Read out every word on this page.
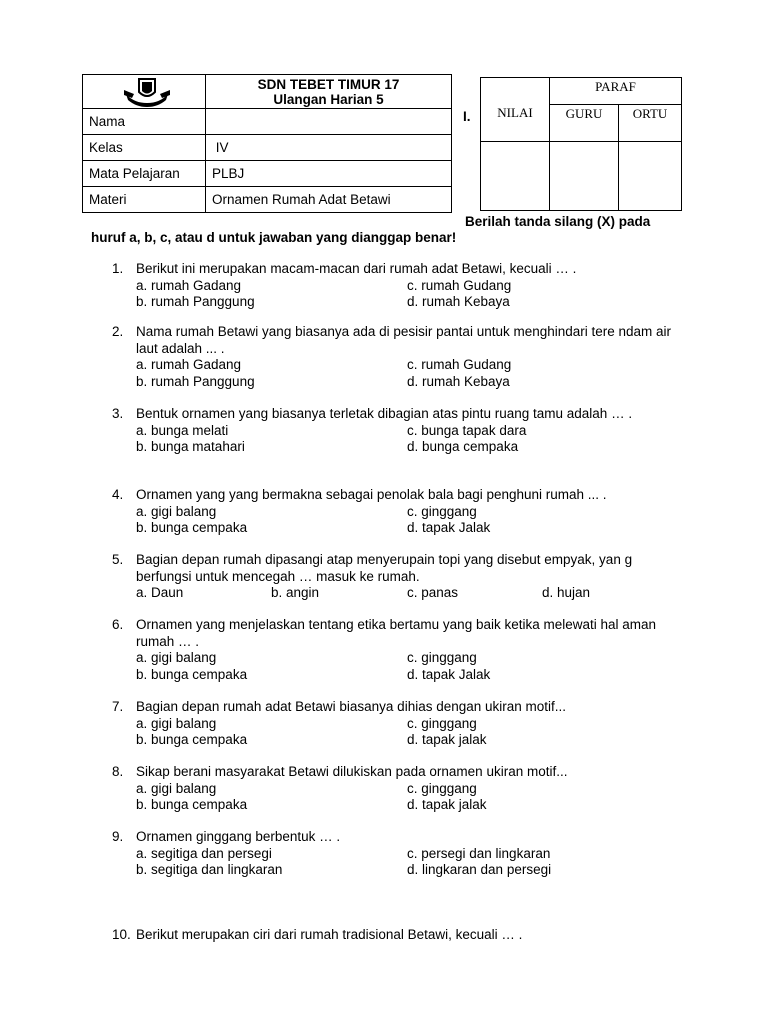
SDN TEBET TIMUR 17
Ulangan Harian 5

Nama	
Kelas	IV
Mata Pelajaran	PLBJ
Materi	Ornamen Rumah Adat Betawi
I. NILAI	PARAF	
	GURU	ORTU

Berilah tanda silang (X) pada
huruf a, b, c, atau d untuk jawaban yang dianggap benar!
1. Berikut ini merupakan macam-macan dari rumah adat Betawi, kecuali … .
a. rumah Gadang	c. rumah Gudang
b. rumah Panggung	d. rumah Kebaya
2. Nama rumah Betawi yang biasanya ada di pesisir pantai untuk menghindari tere ndam air laut adalah ... .
a. rumah Gadang	c. rumah Gudang
b. rumah Panggung	d. rumah Kebaya
3. Bentuk ornamen yang biasanya terletak dibagian atas pintu ruang tamu adalah … .
a. bunga melati	c. bunga tapak dara
b. bunga matahari	d. bunga cempaka
4. Ornamen yang yang bermakna sebagai penolak bala bagi penghuni rumah ... .
a. gigi balang	c. ginggang
b. bunga cempaka	d. tapak Jalak
5. Bagian depan rumah dipasangi atap menyerupain topi yang disebut empyak, yan g berfungsi untuk mencegah … masuk ke rumah.
a. Daun	b. angin	c. panas	d. hujan
6. Ornamen yang menjelaskan tentang etika bertamu yang baik ketika melewati hal aman rumah … .
a. gigi balang	c. ginggang
b. bunga cempaka	d. tapak Jalak
7. Bagian depan rumah adat Betawi biasanya dihias dengan ukiran motif...
a. gigi balang	c. ginggang
b. bunga cempaka	d. tapak jalak
8. Sikap berani masyarakat Betawi dilukiskan pada ornamen ukiran motif...
a. gigi balang	c. ginggang
b. bunga cempaka	d. tapak jalak
9. Ornamen ginggang berbentuk … .
a. segitiga dan persegi	c. persegi dan lingkaran
b. segitiga dan lingkaran	d. lingkaran dan persegi
10. Berikut merupakan ciri dari rumah tradisional Betawi, kecuali … .
